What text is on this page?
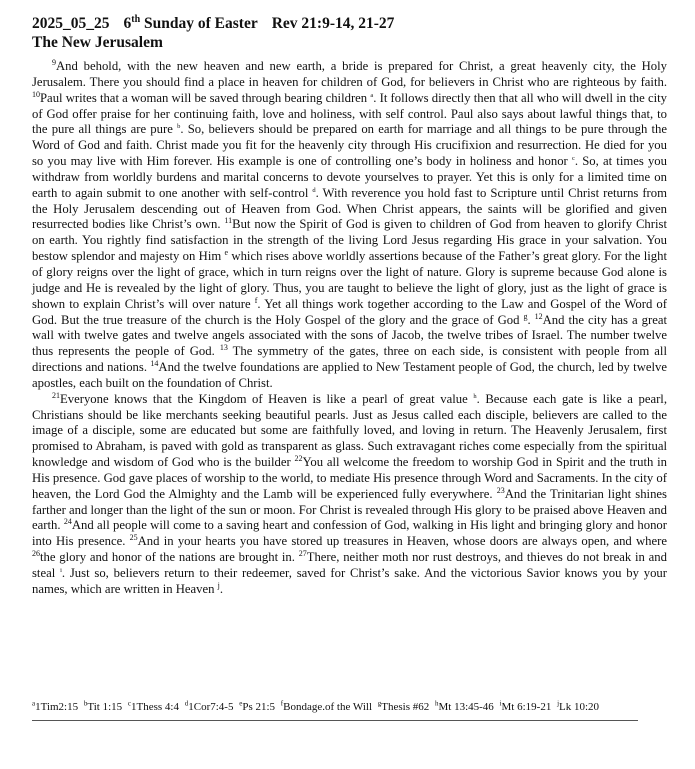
2025_05_25 6th Sunday of Easter Rev 21:9-14, 21-27
The New Jerusalem

$^9$And behold, with the new heaven and new earth, a bride is prepared for Christ, a great heavenly city, the Holy Jerusalem. There you should find a place in heaven for children of God, for believers in Christ who are righteous by faith. $^{10}$Paul writes that a woman will be saved through bearing children $^a$. It follows directly then that all who will dwell in the city of God offer praise for her continuing faith, love and holiness, with self control. Paul also says about lawful things that, to the pure all things are pure $^b$. So, believers should be prepared on earth for marriage and all things to be pure through the Word of God and faith. Christ made you fit for the heavenly city through His crucifixion and resurrection. He died for you so you may live with Him forever. His example is one of controlling one’s body in holiness and honor $^c$. So, at times you withdraw from worldly burdens and marital concerns to devote yourselves to prayer. Yet this is only for a limited time on earth to again submit to one another with self-control $^d$. With reverence you hold fast to Scripture until Christ returns from the Holy Jerusalem descending out of Heaven from God. When Christ appears, the saints will be glorified and given resurrected bodies like Christ’s own. $^{11}$But now the Spirit of God is given to children of God from heaven to glorify Christ on earth. You rightly find satisfaction in the strength of the living Lord Jesus regarding His grace in your salvation. You bestow splendor and majesty on Him $^e$ which rises above worldly assertions because of the Father’s great glory. For the light of glory reigns over the light of grace, which in turn reigns over the light of nature. Glory is supreme because God alone is judge and He is revealed by the light of glory. Thus, you are taught to believe the light of glory, just as the light of grace is shown to explain Christ’s will over nature $^f$. Yet all things work together according to the Law and Gospel of the Word of God. But the true treasure of the church is the Holy Gospel of the glory and the grace of God $^g$. $^{12}$And the city has a great wall with twelve gates and twelve angels associated with the sons of Jacob, the twelve tribes of Israel. The number twelve thus represents the people of God. $^{13}$ The symmetry of the gates, three on each side, is consistent with people from all directions and nations. $^{14}$And the twelve foundations are applied to New Testament people of God, the church, led by twelve apostles, each built on the foundation of Christ.

$^{21}$Everyone knows that the Kingdom of Heaven is like a pearl of great value $^h$. Because each gate is like a pearl, Christians should be like merchants seeking beautiful pearls. Just as Jesus called each disciple, believers are called to the image of a disciple, some are educated but some are faithfully loved, and loving in return. The Heavenly Jerusalem, first promised to Abraham, is paved with gold as transparent as glass. Such extravagant riches come especially from the spiritual knowledge and wisdom of God who is the builder $^{22}$You all welcome the freedom to worship God in Spirit and the truth in His presence. God gave places of worship to the world, to mediate His presence through Word and Sacraments. In the city of heaven, the Lord God the Almighty and the Lamb will be experienced fully everywhere. $^{23}$And the Trinitarian light shines farther and longer than the light of the sun or moon. For Christ is revealed through His glory to be praised above Heaven and earth. $^{24}$And all people will come to a saving heart and confession of God, walking in His light and bringing glory and honor into His presence. $^{25}$And in your hearts you have stored up treasures in Heaven, whose doors are always open, and where $^{26}$the glory and honor of the nations are brought in. $^{27}$There, neither moth nor rust destroys, and thieves do not break in and steal $^i$. Just so, believers return to their redeemer, saved for Christ’s sake. And the victorious Savior knows you by your names, which are written in Heaven $^j$.

$^a$1Tim2:15 $^b$Tit 1:15 $^c$1Thess 4:4 $^d$1Cor7:4-5 $^e$Ps 21:5 $^f$Bondage.of the Will $^g$Thesis #62 $^h$Mt 13:45-46 $^i$Mt 6:19-21 $^j$Lk 10:20
